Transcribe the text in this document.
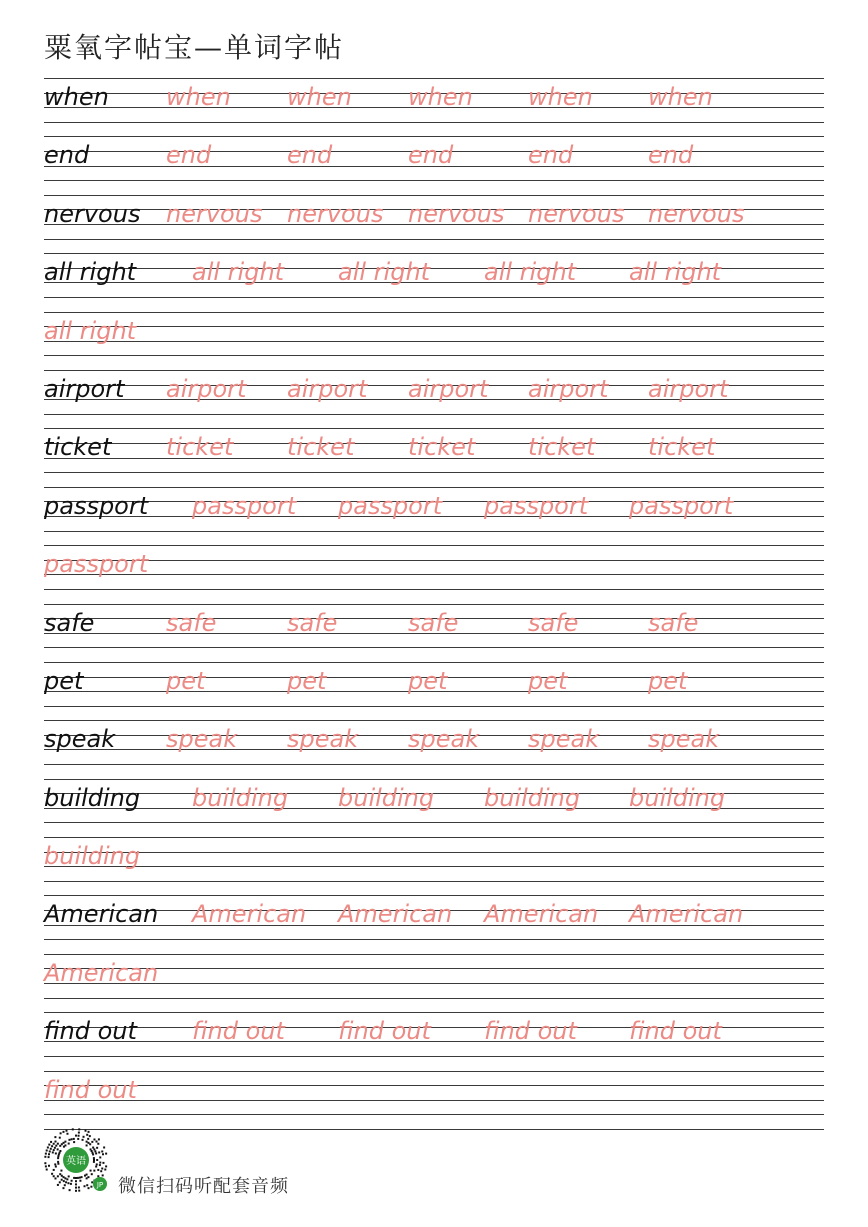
粟氧字帖宝—单词字帖
when when when when when when
end	end	end	end	end	end
nervous nervous nervous nervous nervous nervous
all right all right all right all right all right
all right
airport airport airport airport airport airport
ticket ticket ticket ticket ticket ticket
passport passport passport passport passport
passport
safe	safe	safe	safe	safe	safe
pet	pet	pet	pet	pet	pet
speak speak speak speak speak speak
building building building building building
building
American American American American American
American
find out find out find out find out find out
find out
英语
JP 微信扫码听配套音频
